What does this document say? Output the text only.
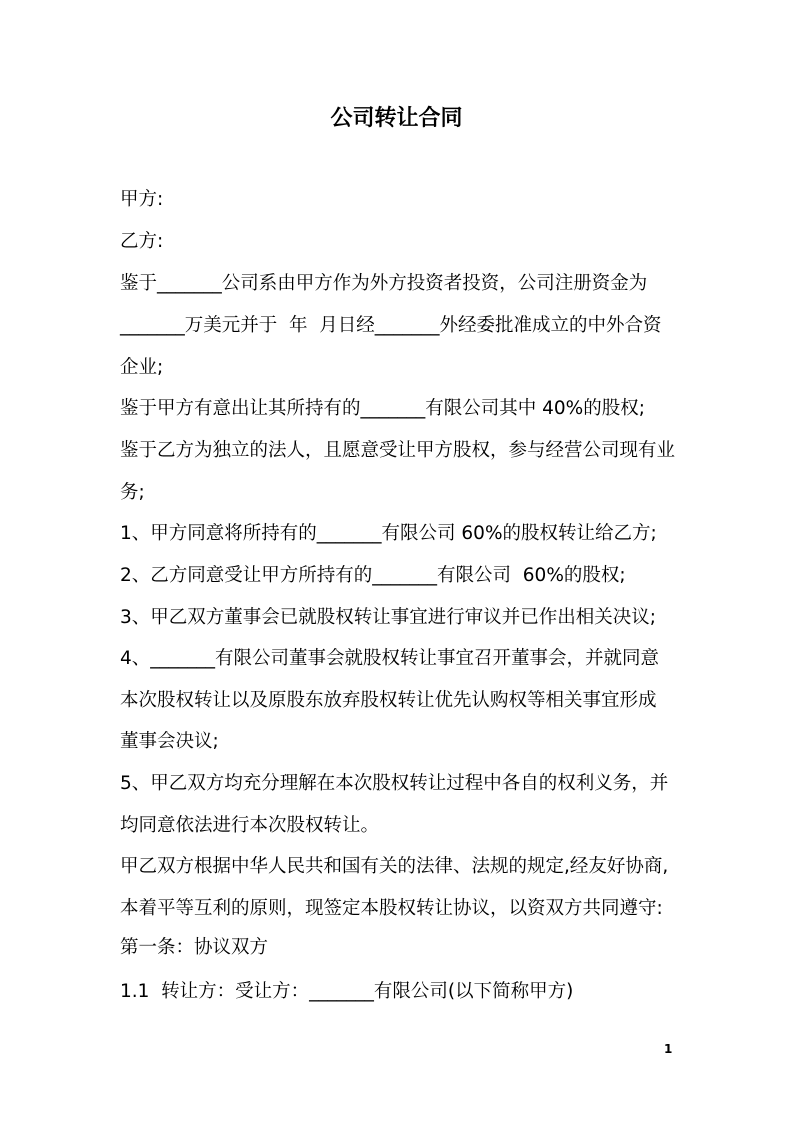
公司转让合同
甲方:
乙方:
鉴于_______公司系由甲方作为外方投资者投资，公司注册资金为
_______万美元并于  年  月日经_______外经委批准成立的中外合资
企业;
鉴于甲方有意出让其所持有的_______有限公司其中 40%的股权;
鉴于乙方为独立的法人，且愿意受让甲方股权，参与经营公司现有业
务;
1、甲方同意将所持有的_______有限公司 60%的股权转让给乙方;
2、乙方同意受让甲方所持有的_______有限公司  60%的股权;
3、甲乙双方董事会已就股权转让事宜进行审议并已作出相关决议;
4、_______有限公司董事会就股权转让事宜召开董事会，并就同意
本次股权转让以及原股东放弃股权转让优先认购权等相关事宜形成
董事会决议;
5、甲乙双方均充分理解在本次股权转让过程中各自的权利义务，并
均同意依法进行本次股权转让。
甲乙双方根据中华人民共和国有关的法律、法规的规定,经友好协商,
本着平等互利的原则，现签定本股权转让协议，以资双方共同遵守:
第一条：协议双方
1.1  转让方：受让方：_______有限公司(以下简称甲方)
1
